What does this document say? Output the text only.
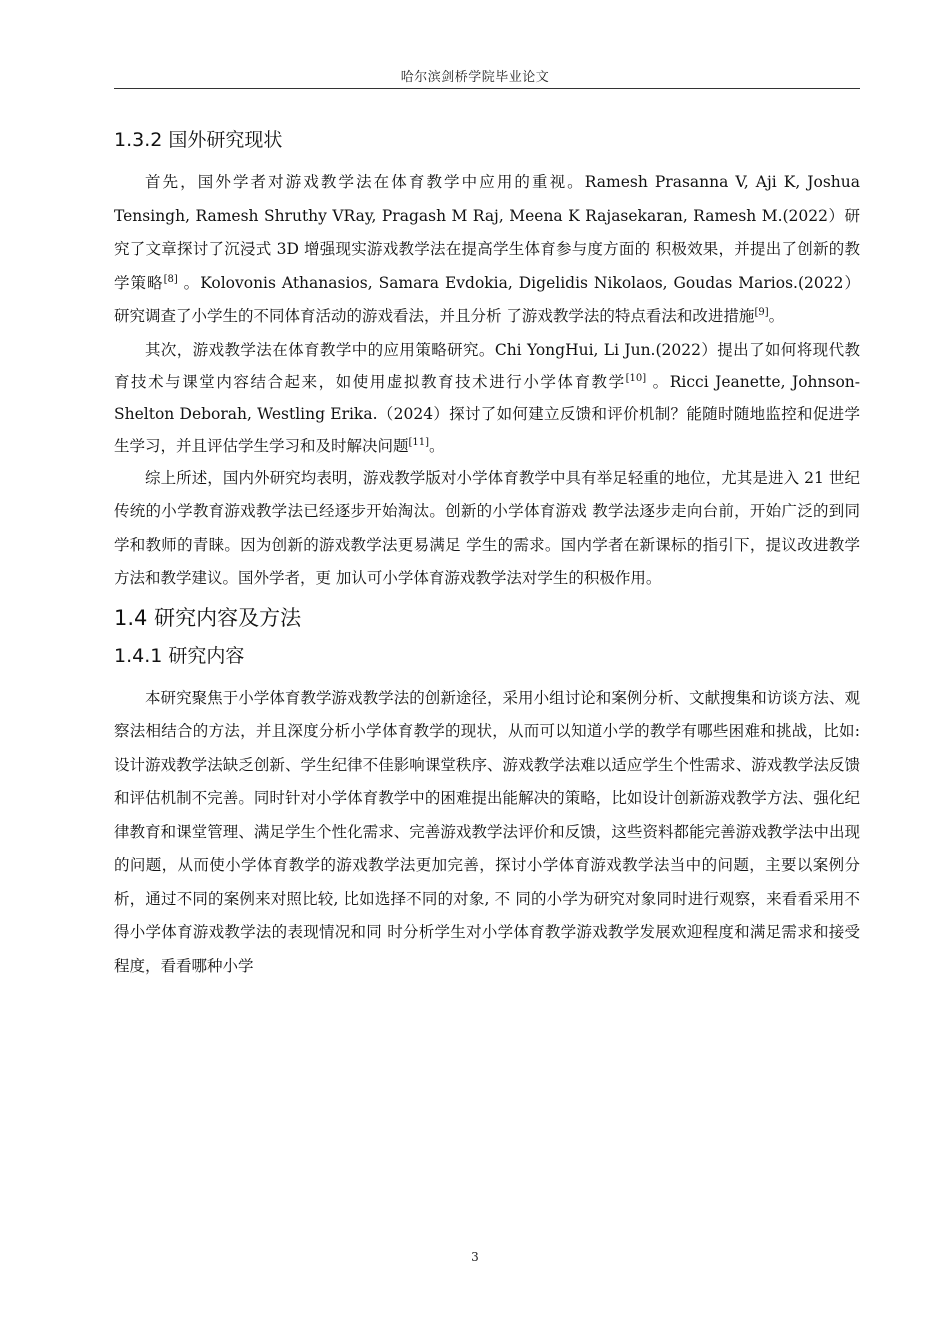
哈尔滨剑桥学院毕业论文
1.3.2 国外研究现状

首先，国外学者对游戏教学法在体育教学中应用的重视。Ramesh Prasanna V, Aji K, Joshua Tensingh, Ramesh Shruthy VRay, Pragash M Raj, Meena K Rajasekaran, Ramesh M.(2022）研究了文章探讨了沉浸式 3D 增强现实游戏教学法在提高学生体育参与度方面的 积极效果，并提出了创新的教学策略[8] 。Kolovonis Athanasios, Samara Evdokia, Digelidis Nikolaos, Goudas Marios.(2022）研究调查了小学生的不同体育活动的游戏看法，并且分析 了游戏教学法的特点看法和改进措施[9]。

其次，游戏教学法在体育教学中的应用策略研究。Chi YongHui, Li Jun.(2022）提出了如何将现代教育技术与课堂内容结合起来，如使用虚拟教育技术进行小学体育教学[10] 。Ricci Jeanette, Johnson-Shelton Deborah, Westling Erika.（2024）探讨了如何建立反馈和评价机制？能随时随地监控和促进学生学习，并且评估学生学习和及时解决问题[11]。

综上所述，国内外研究均表明，游戏教学版对小学体育教学中具有举足轻重的地位，尤其是进入 21 世纪传统的小学教育游戏教学法已经逐步开始淘汰。创新的小学体育游戏 教学法逐步走向台前，开始广泛的到同学和教师的青睐。因为创新的游戏教学法更易满足 学生的需求。国内学者在新课标的指引下，提议改进教学方法和教学建议。国外学者，更 加认可小学体育游戏教学法对学生的积极作用。

1.4 研究内容及方法
1.4.1 研究内容

本研究聚焦于小学体育教学游戏教学法的创新途径，采用小组讨论和案例分析、文献搜集和访谈方法、观察法相结合的方法，并且深度分析小学体育教学的现状，从而可以知道小学的教学有哪些困难和挑战，比如:设计游戏教学法缺乏创新、学生纪律不佳影响课堂秩序、游戏教学法难以适应学生个性需求、游戏教学法反馈和评估机制不完善。同时针对小学体育教学中的困难提出能解决的策略，比如设计创新游戏教学方法、强化纪律教育和课堂管理、满足学生个性化需求、完善游戏教学法评价和反馈，这些资料都能完善游戏教学法中出现的问题，从而使小学体育教学的游戏教学法更加完善，探讨小学体育游戏教学法当中的问题，主要以案例分析，通过不同的案例来对照比较, 比如选择不同的对象, 不 同的小学为研究对象同时进行观察，来看看采用不得小学体育游戏教学法的表现情况和同 时分析学生对小学体育教学游戏教学发展欢迎程度和满足需求和接受程度，看看哪种小学

3
